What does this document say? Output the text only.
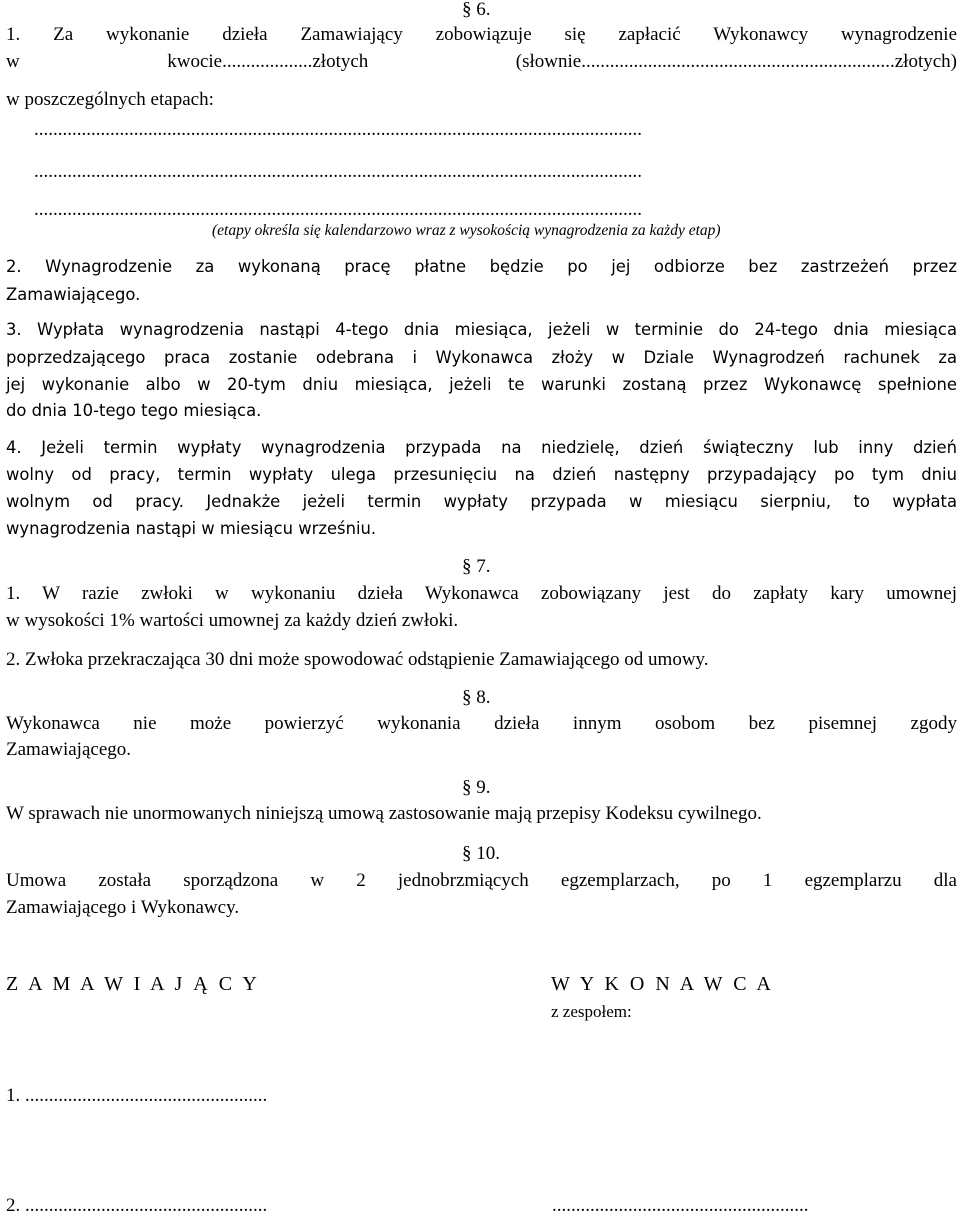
§ 6.
1. Za wykonanie dzieła Zamawiający zobowiązuje się zapłacić Wykonawcy wynagrodzenie
w kwocie...................złotych (słownie..................................................................złotych)
w poszczególnych etapach:
................................................................................................................................
................................................................................................................................
................................................................................................................................
(etapy określa się kalendarzowo wraz z wysokością wynagrodzenia za każdy etap)
2. Wynagrodzenie za wykonaną pracę płatne będzie po jej odbiorze bez zastrzeżeń przez
Zamawiającego.
3. Wypłata wynagrodzenia nastąpi 4-tego dnia miesiąca, jeżeli w terminie do 24-tego dnia miesiąca
poprzedzającego praca zostanie odebrana i Wykonawca złoży w Dziale Wynagrodzeń rachunek za
jej wykonanie albo w 20-tym dniu miesiąca, jeżeli te warunki zostaną przez Wykonawcę spełnione
do dnia 10-tego tego miesiąca.
4. Jeżeli termin wypłaty wynagrodzenia przypada na niedzielę, dzień świąteczny lub inny dzień
wolny od pracy, termin wypłaty ulega przesunięciu na dzień następny przypadający po tym dniu
wolnym od pracy. Jednakże jeżeli termin wypłaty przypada w miesiącu sierpniu, to wypłata
wynagrodzenia nastąpi w miesiącu wrześniu.
§ 7.
1. W razie zwłoki w wykonaniu dzieła Wykonawca zobowiązany jest do zapłaty kary umownej
w wysokości 1% wartości umownej za każdy dzień zwłoki.
2. Zwłoka przekraczająca 30 dni może spowodować odstąpienie Zamawiającego od umowy.
§ 8.
Wykonawca nie może powierzyć wykonania dzieła innym osobom bez pisemnej zgody
Zamawiającego.
§ 9.
W sprawach nie unormowanych niniejszą umową zastosowanie mają przepisy Kodeksu cywilnego.
§ 10.
Umowa została sporządzona w 2 jednobrzmiących egzemplarzach, po 1 egzemplarzu dla
Zamawiającego i Wykonawcy.
Z A M A W I A J Ą C Y	W Y K O N A W C A
z zespołem:
1. ...................................................
2. ...................................................	......................................................
